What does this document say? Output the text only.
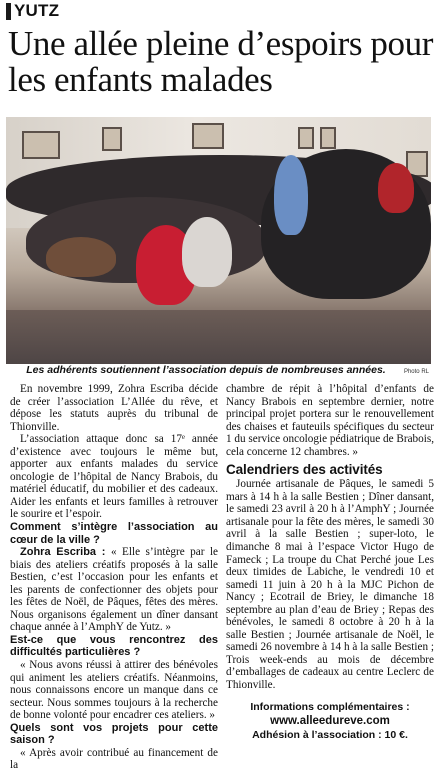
YUTZ
Une allée pleine d’espoirs pour les enfants malades
Les adhérents soutiennent l’association depuis de nombreuses années.	Photo RL

En novembre 1999, Zohra Escriba décide de créer l’association L’Allée du rêve, et dépose les statuts auprès du tribunal de Thionville.

L’association attaque donc sa 17ᵉ année d’existence avec toujours le même but, apporter aux enfants malades du service oncologie de l’hôpital de Nancy Brabois, du matériel éducatif, du mobilier et des cadeaux. Aider les enfants et leurs familles à retrouver le sourire et l’espoir.

Comment s’intègre l’association au cœur de la ville ?

Zohra Escriba : « Elle s’intègre par le biais des ateliers créatifs proposés à la salle Bestien, c’est l’occasion pour les enfants et les parents de confectionner des objets pour les fêtes de Noël, de Pâques, fêtes des mères. Nous organisons également un dîner dansant chaque année à l’AmphY de Yutz. »

Est-ce que vous rencontrez des difficultés particulières ?

« Nous avons réussi à attirer des bénévoles qui animent les ateliers créatifs. Néanmoins, nous connaissons encore un manque dans ce secteur. Nous sommes toujours à la recherche de bonne volonté pour encadrer ces ateliers. »

Quels sont vos projets pour cette saison ?

« Après avoir contribué au financement de la

chambre de répit à l’hôpital d’enfants de Nancy Brabois en septembre dernier, notre principal projet portera sur le renouvellement des chaises et fauteuils spécifiques du secteur 1 du service oncologie pédiatrique de Brabois, cela concerne 12 chambres. »

Calendriers des activités

Journée artisanale de Pâques, le samedi 5 mars à 14 h à la salle Bestien ; Dîner dansant, le samedi 23 avril à 20 h à l’AmphY ; Journée artisanale pour la fête des mères, le samedi 30 avril à la salle Bestien ; super-loto, le dimanche 8 mai à l’espace Victor Hugo de Fameck ; La troupe du Chat Perché joue Les deux timides de Labiche, le vendredi 10 et samedi 11 juin à 20 h à la MJC Pichon de Nancy ; Ecotrail de Briey, le dimanche 18 septembre au plan d’eau de Briey ; Repas des bénévoles, le samedi 8 octobre à 20 h à la salle Bestien ; Journée artisanale de Noël, le samedi 26 novembre à 14 h à la salle Bestien ; Trois week-ends au mois de décembre d’emballages de cadeaux au centre Leclerc de Thionville.

Informations complémentaires :
www.alleedureve.com
Adhésion à l’association : 10 €.
